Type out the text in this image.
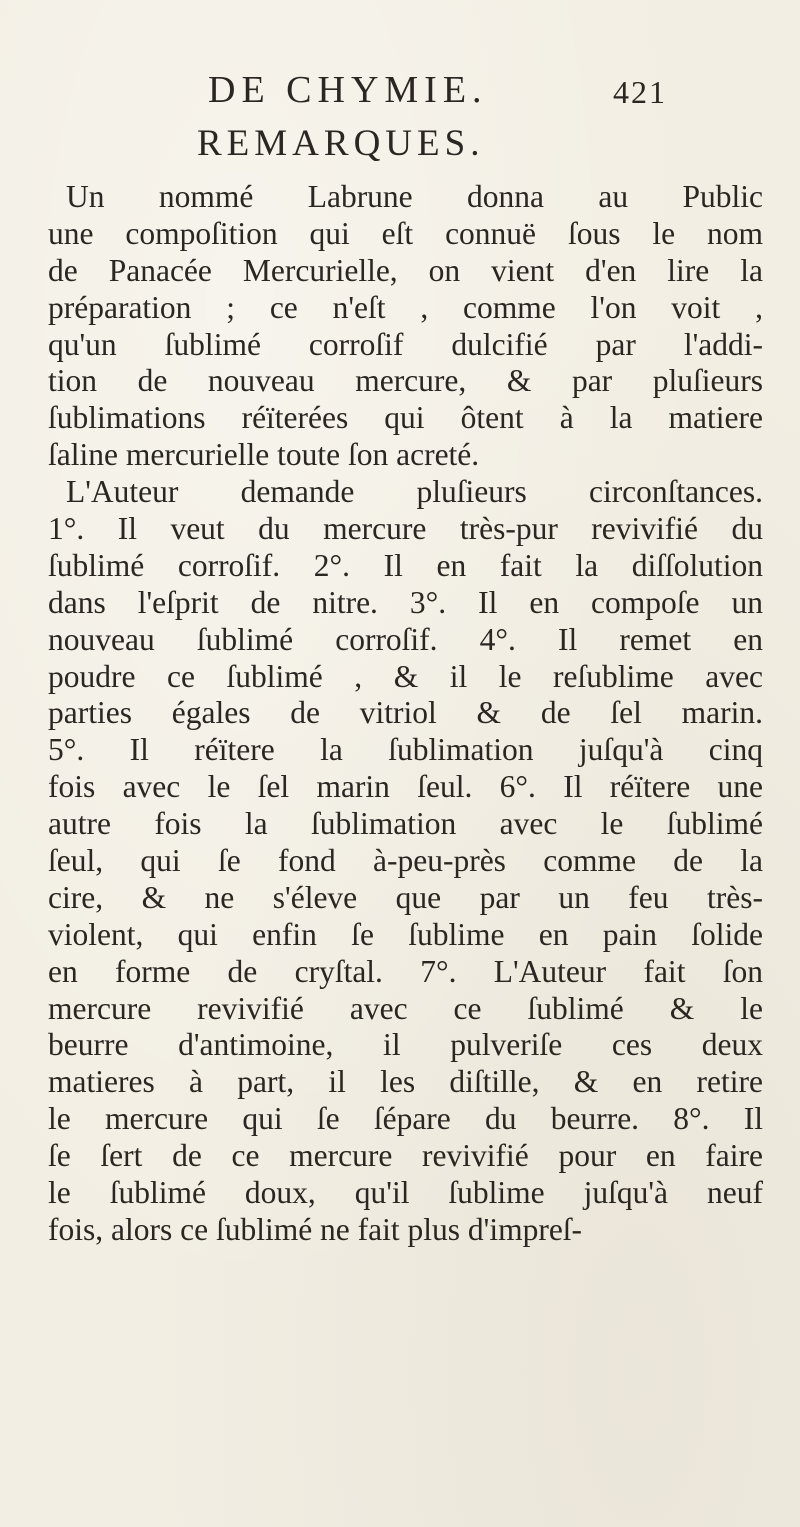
DE CHYMIE.	421
REMARQUES.
Un nommé Labrune donna au Public
une compoſition qui eſt connuë ſous le nom
de Panacée Mercurielle, on vient d'en lire la
préparation ; ce n'eſt , comme l'on voit ,
qu'un ſublimé corroſif dulcifié par l'addi-
tion de nouveau mercure, & par pluſieurs
ſublimations réïterées qui ôtent à la matiere
ſaline mercurielle toute ſon acreté.
L'Auteur demande pluſieurs circonſtances.
1°. Il veut du mercure très-pur revivifié du
ſublimé corroſif. 2°. Il en fait la diſſolution
dans l'eſprit de nitre. 3°. Il en compoſe un
nouveau ſublimé corroſif. 4°. Il remet en
poudre ce ſublimé , & il le reſublime avec
parties égales de vitriol & de ſel marin.
5°. Il réïtere la ſublimation juſqu'à cinq
fois avec le ſel marin ſeul. 6°. Il réïtere une
autre fois la ſublimation avec le ſublimé
ſeul, qui ſe fond à-peu-près comme de la
cire, & ne s'éleve que par un feu très-
violent, qui enfin ſe ſublime en pain ſolide
en forme de cryſtal. 7°. L'Auteur fait ſon
mercure revivifié avec ce ſublimé & le
beurre d'antimoine, il pulveriſe ces deux
matieres à part, il les diſtille, & en retire
le mercure qui ſe ſépare du beurre. 8°. Il
ſe ſert de ce mercure revivifié pour en faire
le ſublimé doux, qu'il ſublime juſqu'à neuf
fois, alors ce ſublimé ne fait plus d'impreſ-
